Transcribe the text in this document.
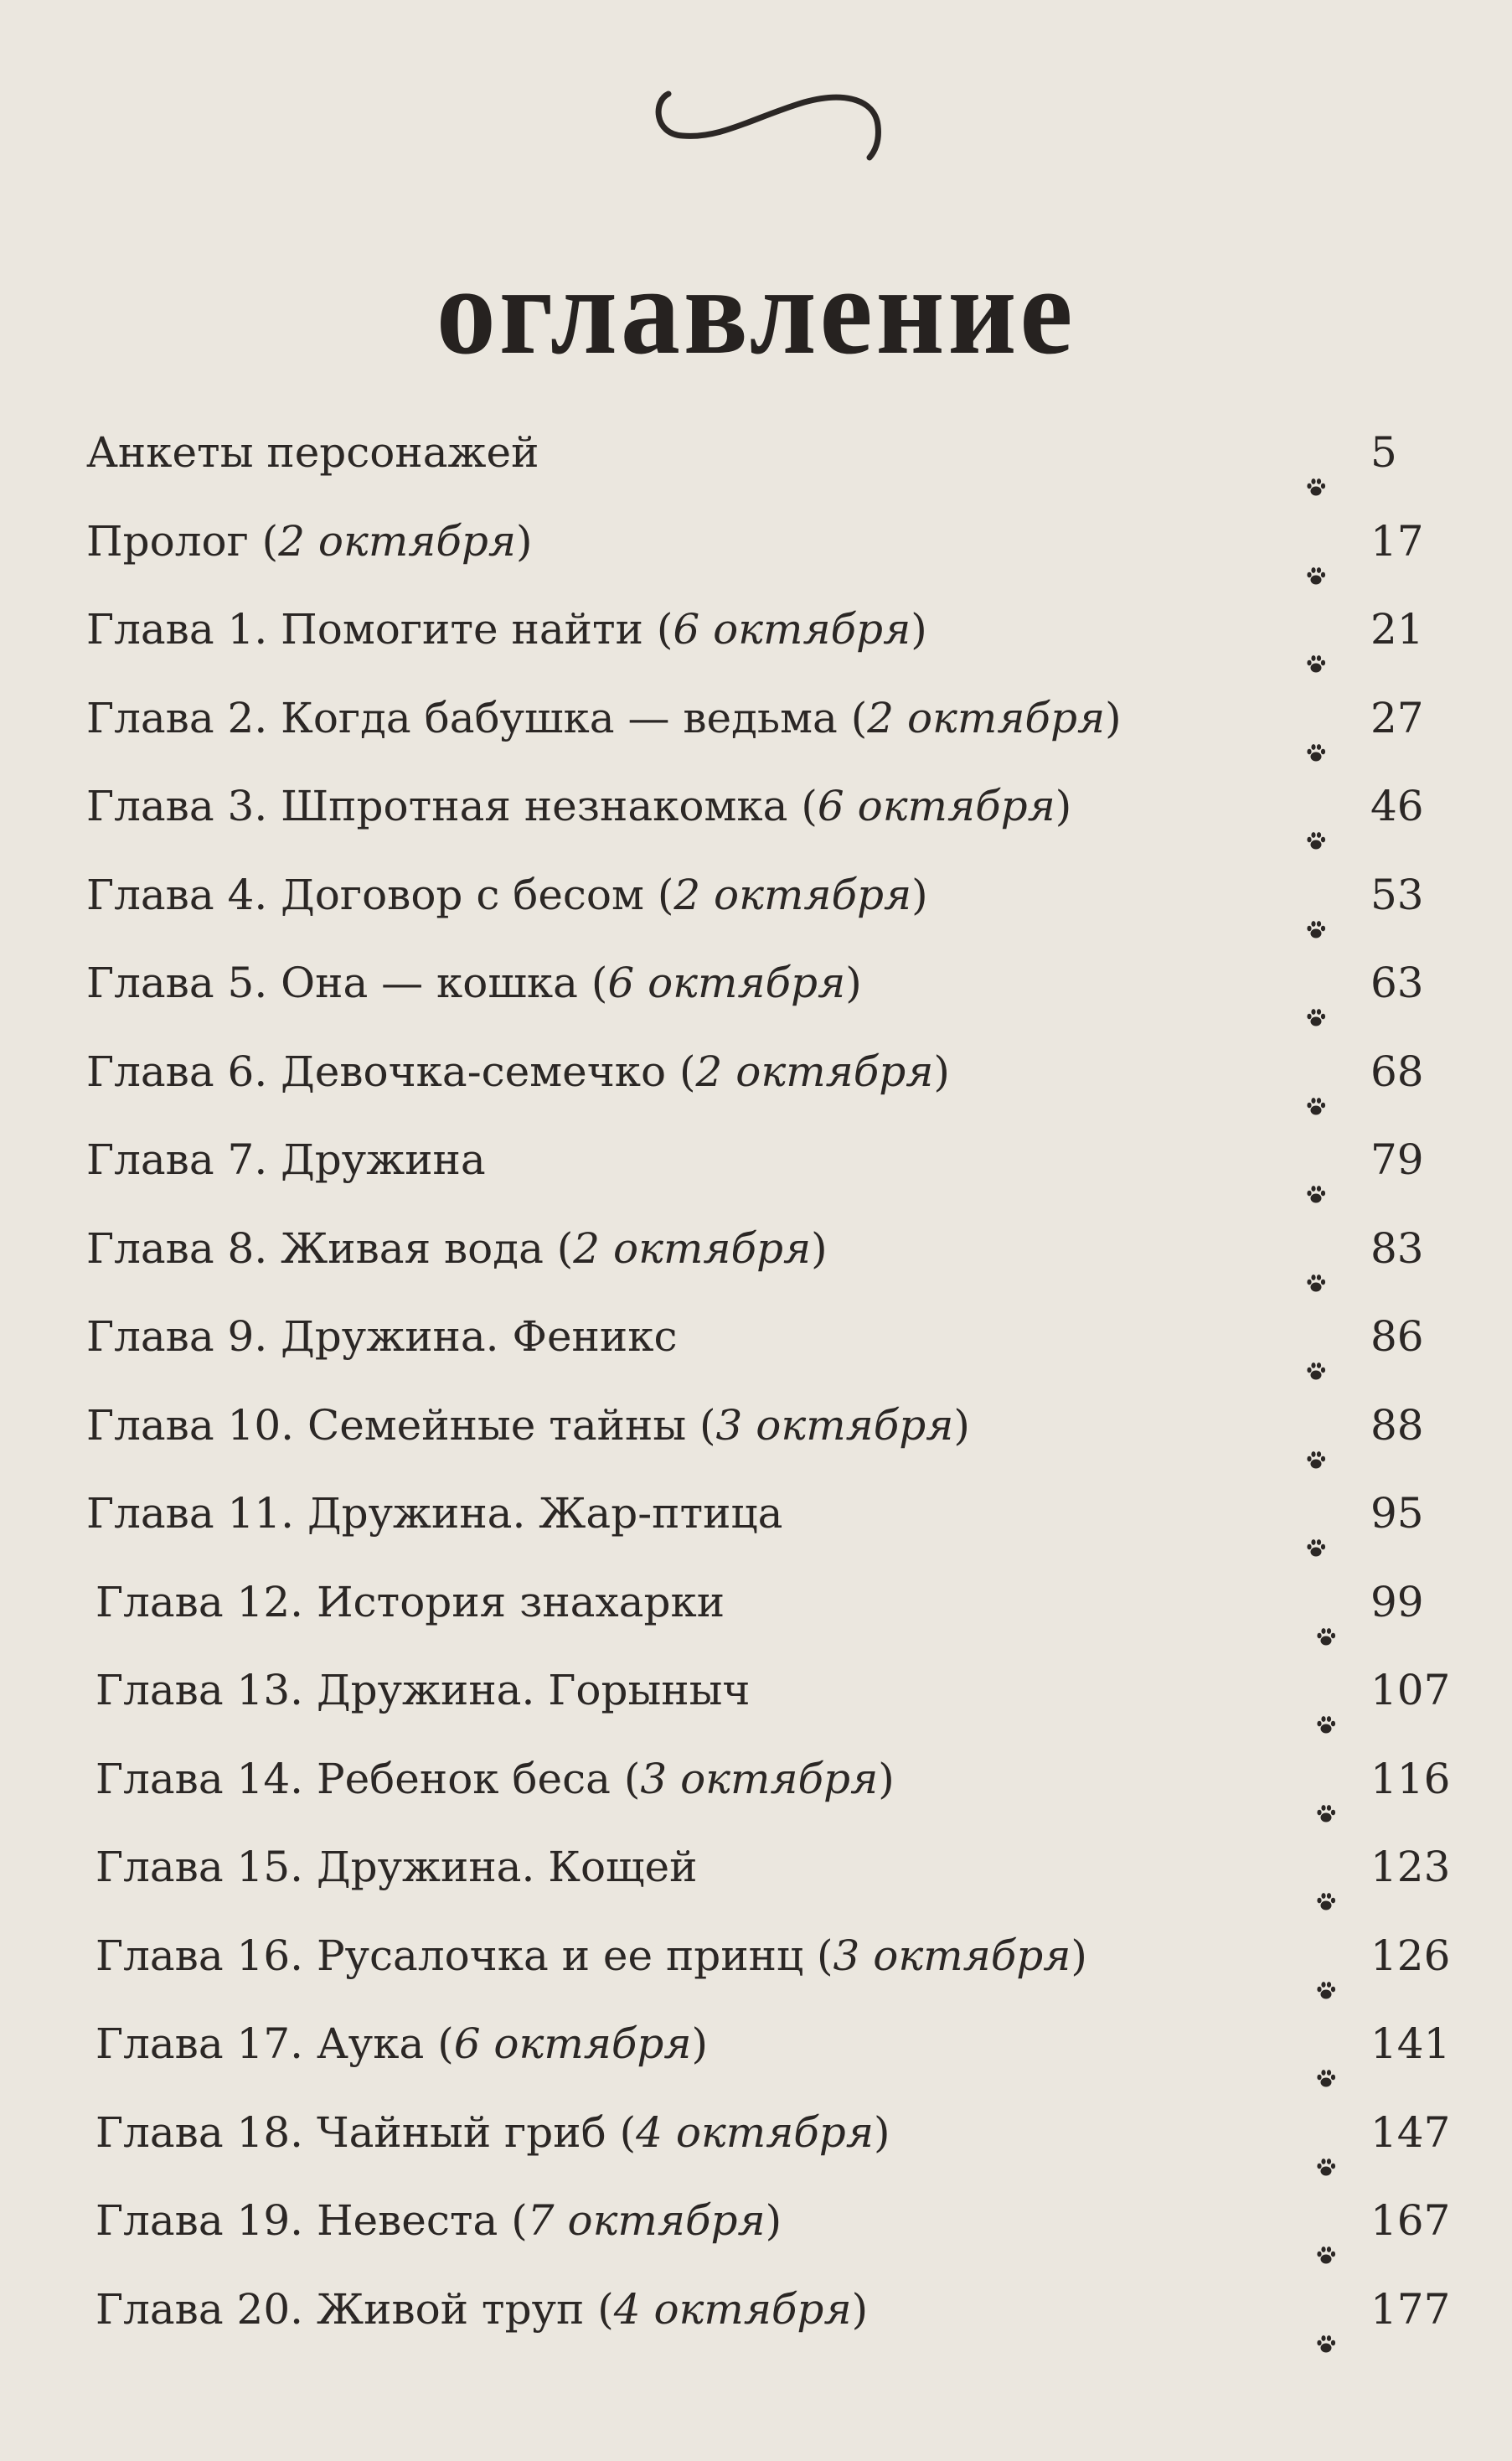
оглавление
Анкеты персонажей	5
Пролог ( 2 октября )	17
Глава 1. Помогите найти ( 6 октября )	21
Глава 2. Когда бабушка — ведьма ( 2 октября )	27
Глава 3. Шпротная незнакомка ( 6 октября )	46
Глава 4. Договор с бесом ( 2 октября )	53
Глава 5. Она — кошка ( 6 октября )	63
Глава 6. Девочка-семечко ( 2 октября )	68
Глава 7. Дружина	79
Глава 8. Живая вода ( 2 октября )	83
Глава 9. Дружина. Феникс	86
Глава 10. Семейные тайны ( 3 октября )	88
Глава 11. Дружина. Жар-птица	95
Глава 12. История знахарки	99
Глава 13. Дружина. Горыныч	107
Глава 14. Ребенок беса ( 3 октября )	116
Глава 15. Дружина. Кощей	123
Глава 16. Русалочка и ее принц ( 3 октября )	126
Глава 17. Аука ( 6 октября )	141
Глава 18. Чайный гриб ( 4 октября )	147
Глава 19. Невеста ( 7 октября )	167
Глава 20. Живой труп ( 4 октября )	177
